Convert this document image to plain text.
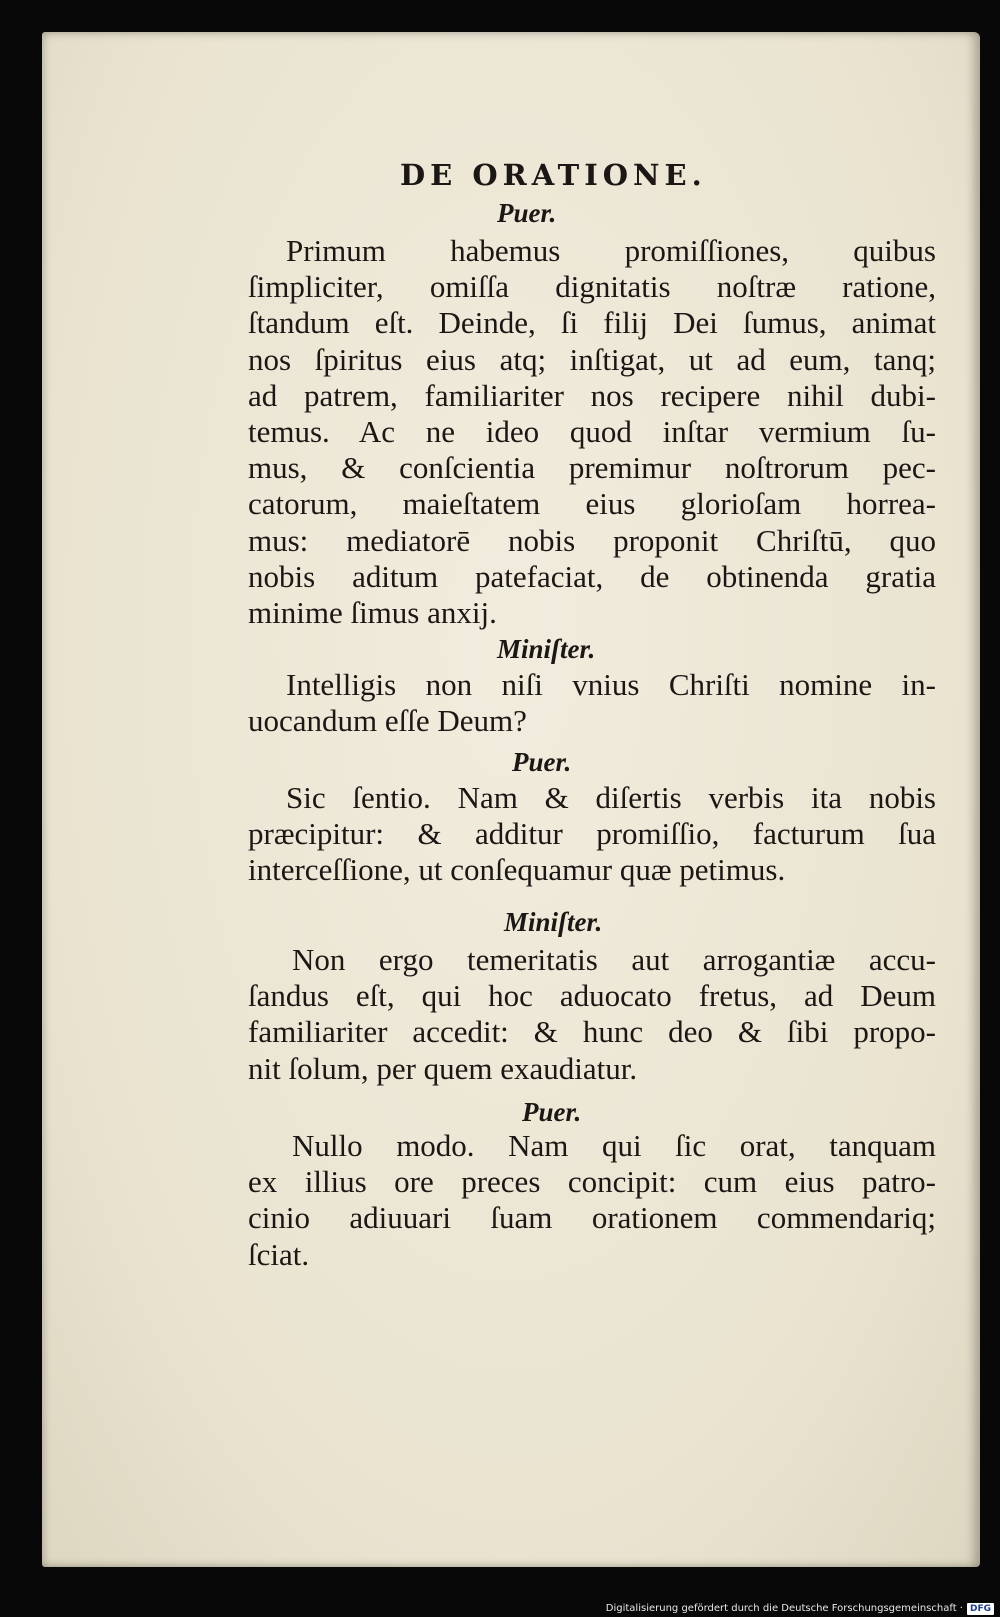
DE ORATIONE.
Puer.
Primum habemus promiſſiones, quibus
ſimpliciter, omiſſa dignitatis noſtræ ratione,
ſtandum eſt. Deinde, ſi filij Dei ſumus, animat
nos ſpiritus eius atq; inſtigat, ut ad eum, tanq;
ad patrem, familiariter nos recipere nihil dubi-
temus. Ac ne ideo quod inſtar vermium ſu-
mus, & conſcientia premimur noſtrorum pec-
catorum, maieſtatem eius glorioſam horrea-
mus: mediatorē nobis proponit Chriſtū, quo
nobis aditum patefaciat, de obtinenda gratia
minime ſimus anxij.
Miniſter.
Intelligis non niſi vnius Chriſti nomine in-
uocandum eſſe Deum?
Puer.
Sic ſentio. Nam & diſertis verbis ita nobis
præcipitur: & additur promiſſio, facturum ſua
interceſſione, ut conſequamur quæ petimus.
Miniſter.
Non ergo temeritatis aut arrogantiæ accu-
ſandus eſt, qui hoc aduocato fretus, ad Deum
familiariter accedit: & hunc deo & ſibi propo-
nit ſolum, per quem exaudiatur.
Puer.
Nullo modo. Nam qui ſic orat, tanquam
ex illius ore preces concipit: cum eius patro-
cinio adiuuari ſuam orationem commendariq;
ſciat.
Digitalisierung gefördert durch die Deutsche Forschungsgemeinschaft · DFG
